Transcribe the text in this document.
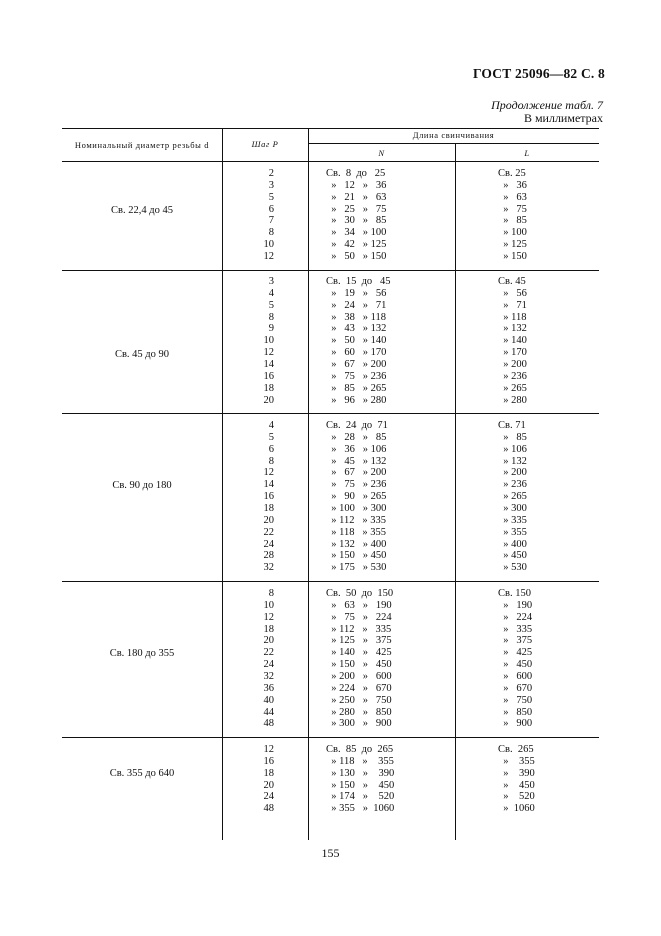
ГОСТ 25096—82 С. 8
Продолжение табл. 7
В миллиметрах
Номинальный диаметр резьбы d	Шаг P
Длина свинчивания
N	L
Св. 22,4 до 45
2
3
5
6
7
8
10
12
Св.  8  до   25
»   12   »   36
»   21   »   63
»   25   »   75
»   30   »   85
»   34   » 100
»   42   » 125
»   50   » 150
Св. 25
»   36
»   63
»   75
»   85
» 100
» 125
» 150
Св. 45 до 90
3
4
5
8
9
10
12
14
16
18
20
Св.  15  до   45
»   19   »   56
»   24   »   71
»   38   » 118
»   43   » 132
»   50   » 140
»   60   » 170
»   67   » 200
»   75   » 236
»   85   » 265
»   96   » 280
Св. 45
»   56
»   71
» 118
» 132
» 140
» 170
» 200
» 236
» 265
» 280
Св. 90 до 180
4
5
6
8
12
14
16
18
20
22
24
28
32
Св.  24  до  71
»   28   »   85
»   36   » 106
»   45   » 132
»   67   » 200
»   75   » 236
»   90   » 265
» 100   » 300
» 112   » 335
» 118   » 355
» 132   » 400
» 150   » 450
» 175   » 530
Св. 71
»   85
» 106
» 132
» 200
» 236
» 265
» 300
» 335
» 355
» 400
» 450
» 530
Св. 180 до 355
8
10
12
18
20
22
24
32
36
40
44
48
Св.  50  до  150
»   63   »   190
»   75   »   224
» 112   »   335
» 125   »   375
» 140   »   425
» 150   »   450
» 200   »   600
» 224   »   670
» 250   »   750
» 280   »   850
» 300   »   900
Св. 150
»   190
»   224
»   335
»   375
»   425
»   450
»   600
»   670
»   750
»   850
»   900
Св. 355 до 640
12
16
18
20
24
48
Св.  85  до  265
» 118   »    355
» 130   »    390
» 150   »    450
» 174   »    520
» 355   »  1060
Св.  265
»    355
»    390
»    450
»    520
»  1060
155
